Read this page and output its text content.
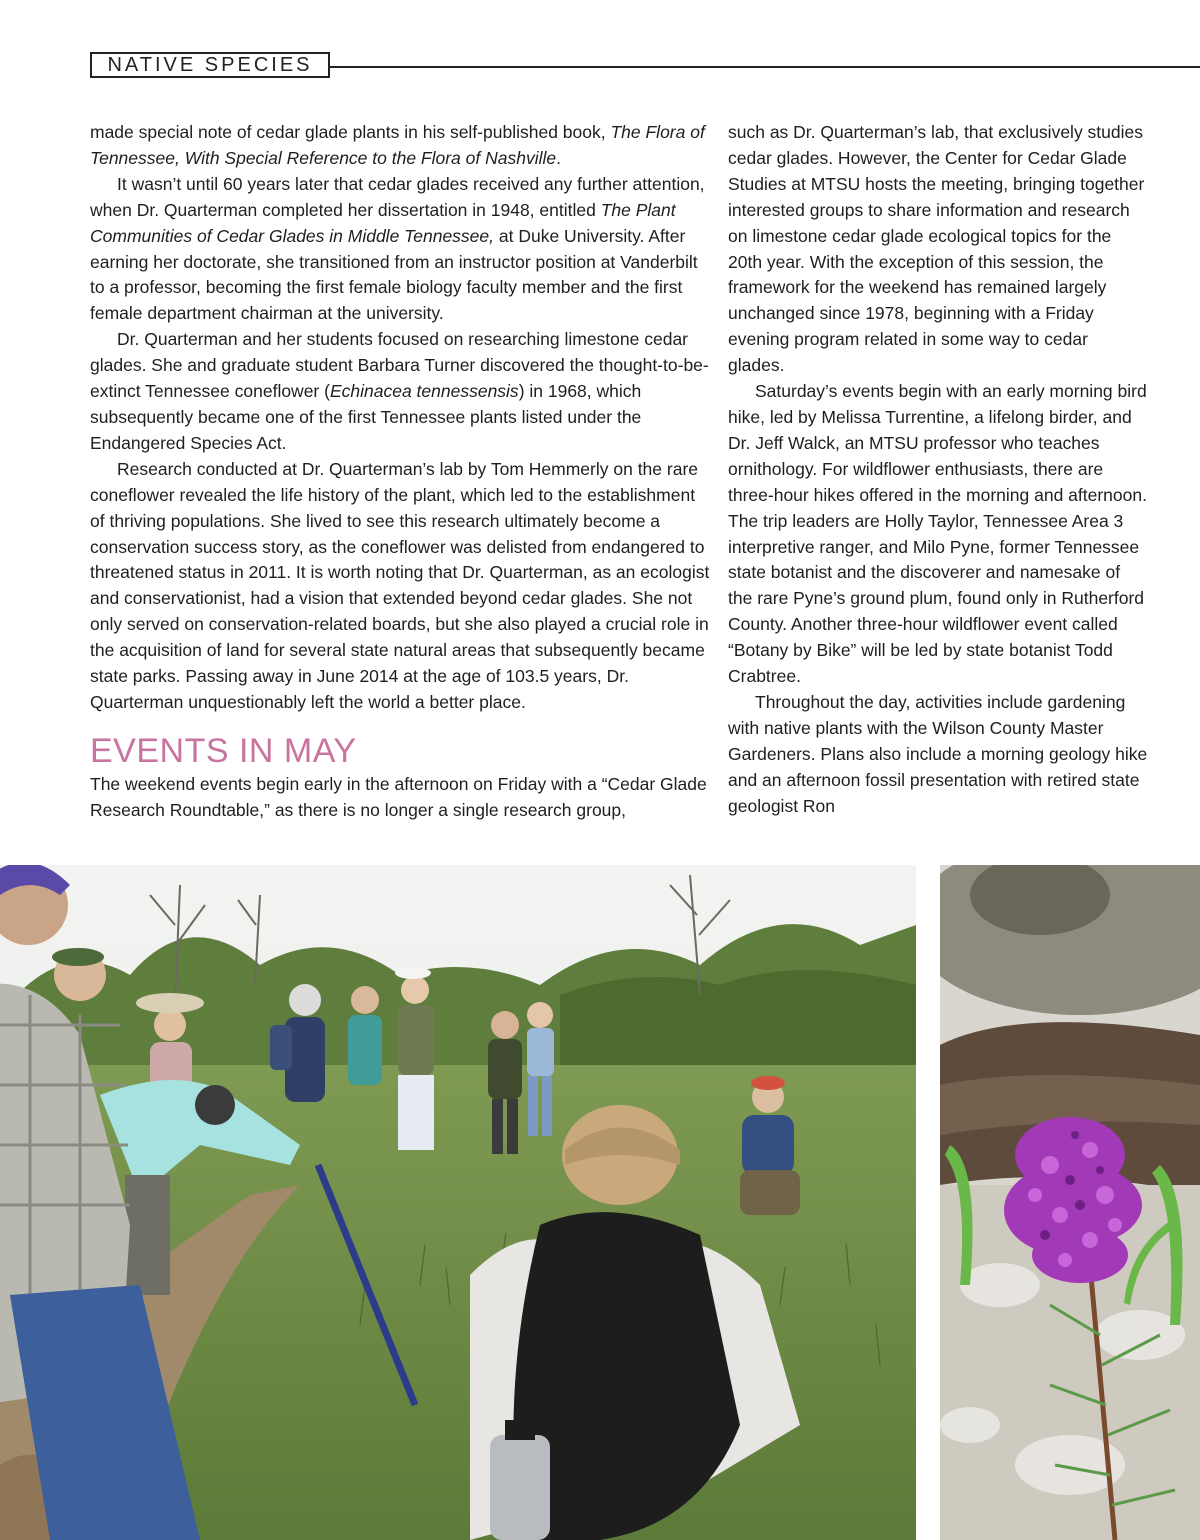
NATIVE SPECIES

made special note of cedar glade plants in his self-published book, The Flora of Tennessee, With Special Reference to the Flora of Nashville.

It wasn’t until 60 years later that cedar glades received any further attention, when Dr. Quarterman completed her dissertation in 1948, entitled The Plant Communities of Cedar Glades in Middle Tennessee, at Duke University. After earning her doctorate, she transitioned from an instructor position at Vanderbilt to a professor, becoming the first female biology faculty member and the first female department chairman at the university.

Dr. Quarterman and her students focused on researching limestone cedar glades. She and graduate student Barbara Turner discovered the thought-to-be-extinct Tennessee coneflower (Echinacea tennessensis) in 1968, which subsequently became one of the first Tennessee plants listed under the Endangered Species Act.

Research conducted at Dr. Quarterman’s lab by Tom Hemmerly on the rare coneflower revealed the life history of the plant, which led to the establishment of thriving populations. She lived to see this research ultimately become a conservation success story, as the coneflower was delisted from endangered to threatened status in 2011. It is worth noting that Dr. Quarterman, as an ecologist and conservationist, had a vision that extended beyond cedar glades. She not only served on conservation-related boards, but she also played a crucial role in the acquisition of land for several state natural areas that subsequently became state parks. Passing away in June 2014 at the age of 103.5 years, Dr. Quarterman unquestionably left the world a better place.

EVENTS IN MAY

The weekend events begin early in the afternoon on Friday with a “Cedar Glade Research Roundtable,” as there is no longer a single research group,

such as Dr. Quarterman’s lab, that exclusively studies cedar glades. However, the Center for Cedar Glade Studies at MTSU hosts the meeting, bringing together interested groups to share information and research on limestone cedar glade ecological topics for the 20th year. With the exception of this session, the framework for the weekend has remained largely unchanged since 1978, beginning with a Friday evening program related in some way to cedar glades.

Saturday’s events begin with an early morning bird hike, led by Melissa Turrentine, a lifelong birder, and Dr. Jeff Walck, an MTSU professor who teaches ornithology. For wildflower enthusiasts, there are three-hour hikes offered in the morning and afternoon. The trip leaders are Holly Taylor, Tennessee Area 3 interpretive ranger, and Milo Pyne, former Tennessee state botanist and the discoverer and namesake of the rare Pyne’s ground plum, found only in Rutherford County. Another three-hour wildflower event called “Botany by Bike” will be led by state botanist Todd Crabtree.

Throughout the day, activities include gardening with native plants with the Wilson County Master Gardeners. Plans also include a morning geology hike and an afternoon fossil presentation with retired state geologist Ron
